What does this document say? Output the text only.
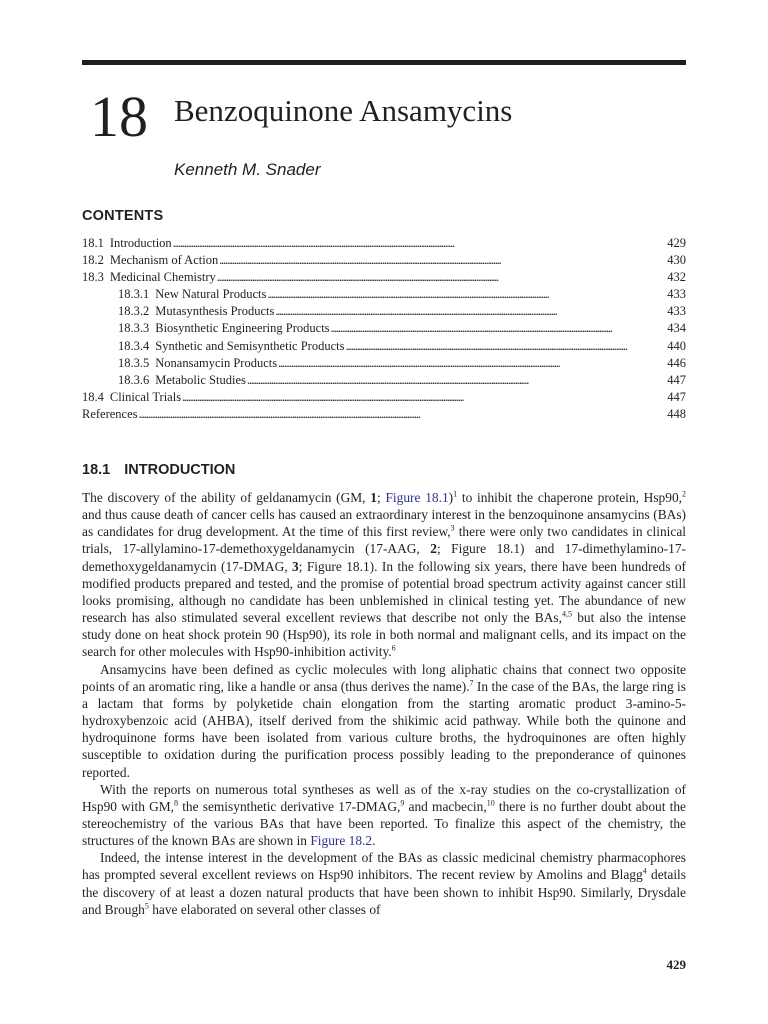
18 Benzoquinone Ansamycins
Kenneth M. Snader
CONTENTS
18.1 Introduction . . .	429
18.2 Mechanism of Action . . .	430
18.3 Medicinal Chemistry . . .	432
18.3.1 New Natural Products . . .	433
18.3.2 Mutasynthesis Products . . .	433
18.3.3 Biosynthetic Engineering Products . . .	434
18.3.4 Synthetic and Semisynthetic Products . . .	440
18.3.5 Nonansamycin Products . . .	446
18.3.6 Metabolic Studies . . .	447
18.4 Clinical Trials . . .	447
References . . .	448
18.1 INTRODUCTION

The discovery of the ability of geldanamycin (GM, 1; Figure 18.1)$^1$ to inhibit the chaperone protein, Hsp90,$^2$ and thus cause death of cancer cells has caused an extraordinary interest in the benzoquinone ansamycins (BAs) as candidates for drug development. At the time of this first review,$^3$ there were only two candidates in clinical trials, 17-allylamino-17-demethoxygeldanamycin (17-AAG, 2; Figure 18.1) and 17-dimethylamino-17-demethoxygeldanamycin (17-DMAG, 3; Figure 18.1). In the following six years, there have been hundreds of modified products prepared and tested, and the promise of potential broad spectrum activity against cancer still looks promising, although no candidate has been unblemished in clinical testing yet. The abundance of new research has also stimulated several excellent reviews that describe not only the BAs,$^{4,5}$ but also the intense study done on heat shock protein 90 (Hsp90), its role in both normal and malignant cells, and its impact on the search for other molecules with Hsp90-inhibition activity.$^6$

Ansamycins have been defined as cyclic molecules with long aliphatic chains that connect two opposite points of an aromatic ring, like a handle or ansa (thus derives the name).$^7$ In the case of the BAs, the large ring is a lactam that forms by polyketide chain elongation from the starting aromatic product 3-amino-5-hydroxybenzoic acid (AHBA), itself derived from the shikimic acid pathway. While both the quinone and hydroquinone forms have been isolated from various culture broths, the hydroquinones are often highly susceptible to oxidation during the purification process possibly leading to the preponderance of quinones reported.

With the reports on numerous total syntheses as well as of the x-ray studies on the co-crystallization of Hsp90 with GM,$^8$ the semisynthetic derivative 17-DMAG,$^9$ and macbecin,$^{10}$ there is no further doubt about the stereochemistry of the various BAs that have been reported. To finalize this aspect of the chemistry, the structures of the known BAs are shown in Figure 18.2.

Indeed, the intense interest in the development of the BAs as classic medicinal chemistry pharmacophores has prompted several excellent reviews on Hsp90 inhibitors. The recent review by Amolins and Blagg$^4$ details the discovery of at least a dozen natural products that have been shown to inhibit Hsp90. Similarly, Drysdale and Brough$^5$ have elaborated on several other classes of

429
